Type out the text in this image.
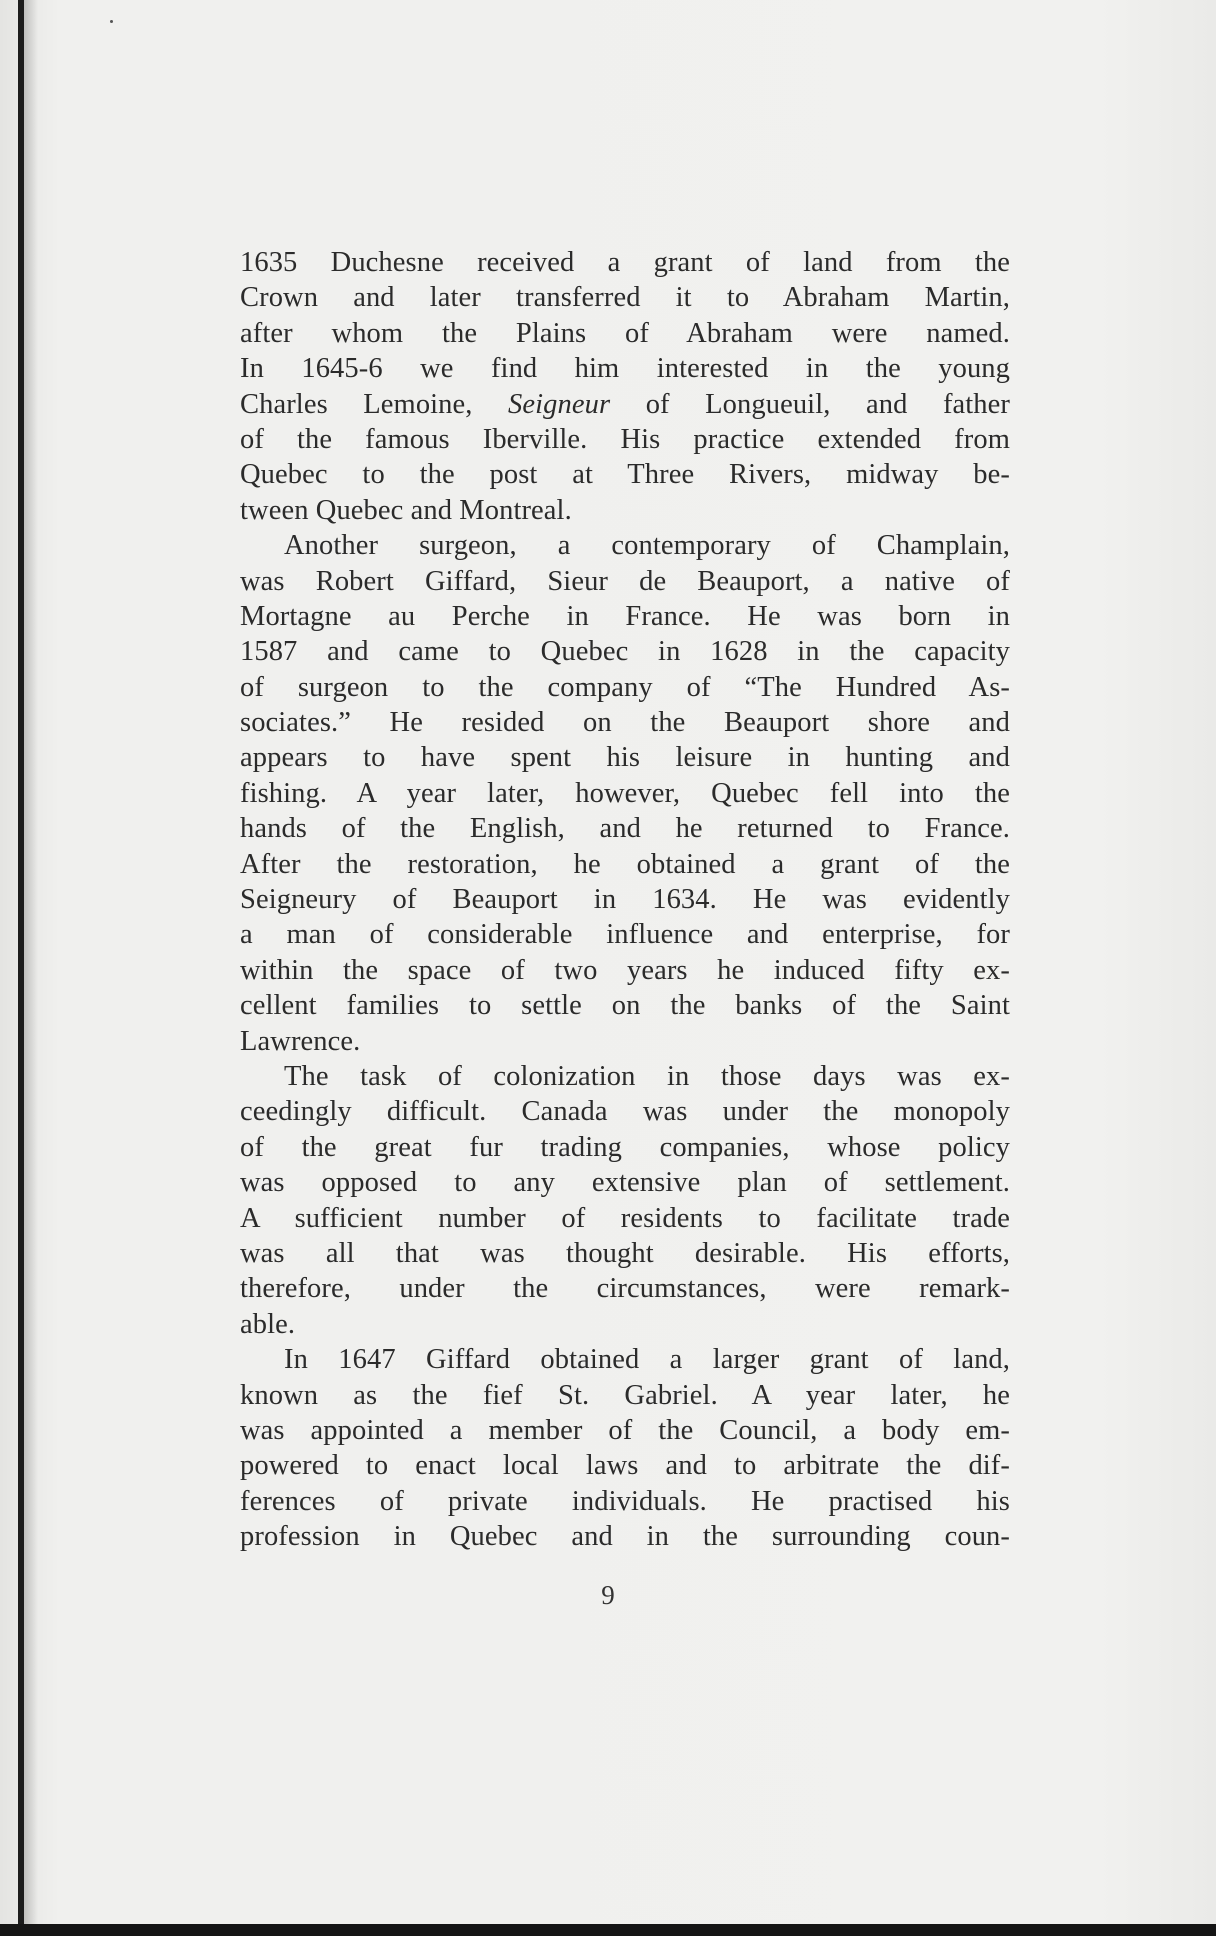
1635 Duchesne received a grant of land from the
Crown and later transferred it to Abraham Martin,
after whom the Plains of Abraham were named.
In 1645-6 we find him interested in the young
Charles Lemoine, Seigneur of Longueuil, and father
of the famous Iberville. His practice extended from
Quebec to the post at Three Rivers, midway be-
tween Quebec and Montreal.
Another surgeon, a contemporary of Champlain,
was Robert Giffard, Sieur de Beauport, a native of
Mortagne au Perche in France. He was born in
1587 and came to Quebec in 1628 in the capacity
of surgeon to the company of “The Hundred As-
sociates.” He resided on the Beauport shore and
appears to have spent his leisure in hunting and
fishing. A year later, however, Quebec fell into the
hands of the English, and he returned to France.
After the restoration, he obtained a grant of the
Seigneury of Beauport in 1634. He was evidently
a man of considerable influence and enterprise, for
within the space of two years he induced fifty ex-
cellent families to settle on the banks of the Saint
Lawrence.
The task of colonization in those days was ex-
ceedingly difficult. Canada was under the monopoly
of the great fur trading companies, whose policy
was opposed to any extensive plan of settlement.
A sufficient number of residents to facilitate trade
was all that was thought desirable. His efforts,
therefore, under the circumstances, were remark-
able.
In 1647 Giffard obtained a larger grant of land,
known as the fief St. Gabriel. A year later, he
was appointed a member of the Council, a body em-
powered to enact local laws and to arbitrate the dif-
ferences of private individuals. He practised his
profession in Quebec and in the surrounding coun-
9
